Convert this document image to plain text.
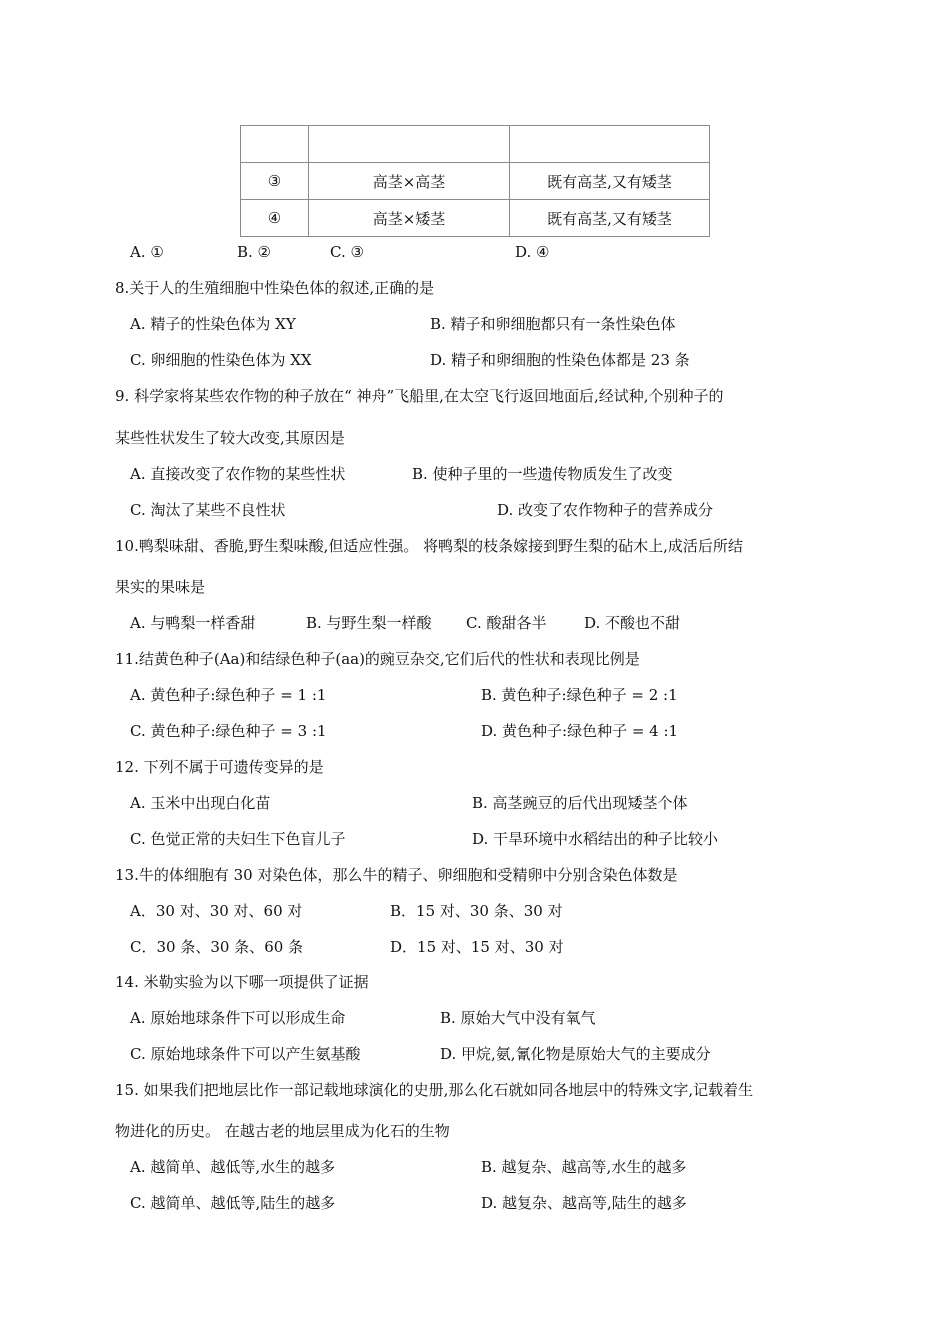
③	高茎×高茎	既有高茎,又有矮茎
④	高茎×矮茎	既有高茎,又有矮茎
A. ①	B. ②	C. ③	D. ④
8.关于人的生殖细胞中性染色体的叙述,正确的是
A. 精子的性染色体为 XY	B. 精子和卵细胞都只有一条性染色体
C. 卵细胞的性染色体为 XX	D. 精子和卵细胞的性染色体都是 23 条
9. 科学家将某些农作物的种子放在“ 神舟”飞船里,在太空飞行返回地面后,经试种,个别种子的
某些性状发生了较大改变,其原因是
A. 直接改变了农作物的某些性状	B. 使种子里的一些遗传物质发生了改变
C. 淘汰了某些不良性状	D. 改变了农作物种子的营养成分
10.鸭梨味甜、香脆,野生梨味酸,但适应性强。 将鸭梨的枝条嫁接到野生梨的砧木上,成活后所结
果实的果味是
A. 与鸭梨一样香甜	B. 与野生梨一样酸 C. 酸甜各半	D. 不酸也不甜
11.结黄色种子(Aa)和结绿色种子(aa)的豌豆杂交,它们后代的性状和表现比例是
A. 黄色种子:绿色种子 = 1 :1	B. 黄色种子:绿色种子 = 2 :1
C. 黄色种子:绿色种子 = 3 :1	D. 黄色种子:绿色种子 = 4 :1
12. 下列不属于可遗传变异的是
A. 玉米中出现白化苗	B. 高茎豌豆的后代出现矮茎个体
C. 色觉正常的夫妇生下色盲儿子	D. 干旱环境中水稻结出的种子比较小
13.牛的体细胞有 30 对染色体，那么牛的精子、卵细胞和受精卵中分别含染色体数是
A．30 对、30 对、60 对	B．15 对、30 条、30 对
C．30 条、30 条、60 条	D．15 对、15 对、30 对
14. 米勒实验为以下哪一项提供了证据
A. 原始地球条件下可以形成生命	B. 原始大气中没有氧气
C. 原始地球条件下可以产生氨基酸	D. 甲烷,氨,氰化物是原始大气的主要成分
15. 如果我们把地层比作一部记载地球演化的史册,那么化石就如同各地层中的特殊文字,记载着生
物进化的历史。 在越古老的地层里成为化石的生物
A. 越简单、越低等,水生的越多	B. 越复杂、越高等,水生的越多
C. 越简单、越低等,陆生的越多	D. 越复杂、越高等,陆生的越多
